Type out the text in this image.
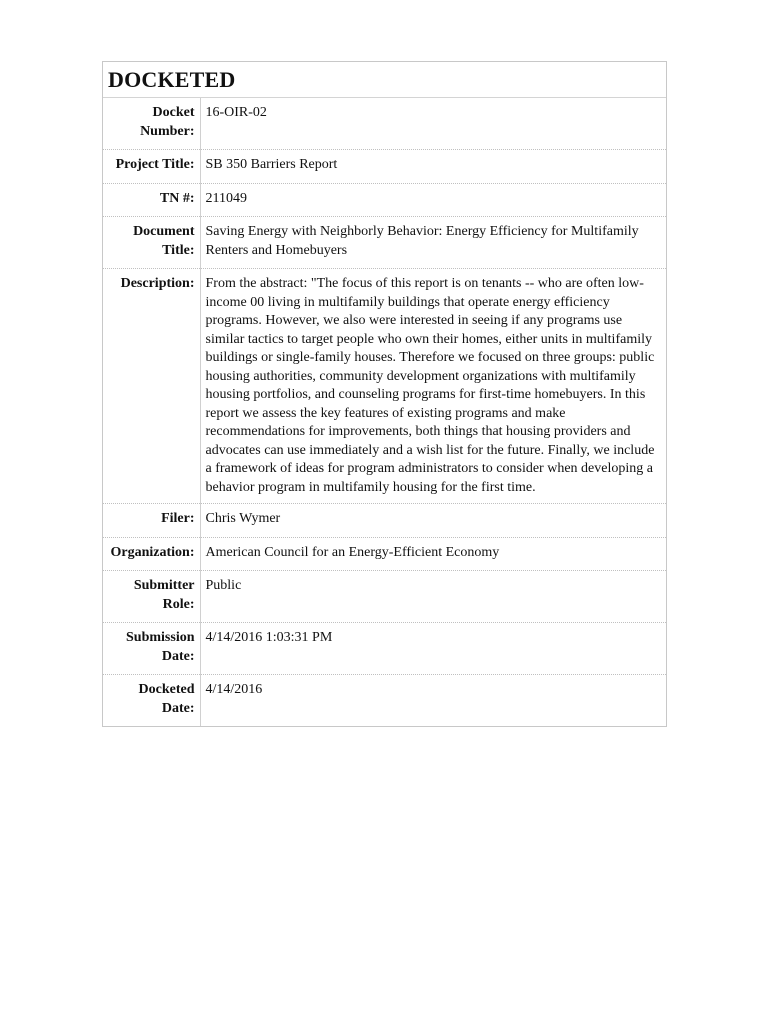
DOCKETED
Docket Number:	16-OIR-02
Project Title:	SB 350 Barriers Report
TN #:	211049
Document Title:	Saving Energy with Neighborly Behavior: Energy Efficiency for Multifamily Renters and Homebuyers
Description:	From the abstract: "The focus of this report is on tenants -- who are often low-income 00 living in multifamily buildings that operate energy efficiency programs. However, we also were interested in seeing if any programs use similar tactics to target people who own their homes, either units in multifamily buildings or single-family houses. Therefore we focused on three groups: public housing authorities, community development organizations with multifamily housing portfolios, and counseling programs for first-time homebuyers. In this report we assess the key features of existing programs and make recommendations for improvements, both things that housing providers and advocates can use immediately and a wish list for the future. Finally, we include a framework of ideas for program administrators to consider when developing a behavior program in multifamily housing for the first time.
Filer:	Chris Wymer
Organization:	American Council for an Energy-Efficient Economy
Submitter Role:	Public
Submission Date:	4/14/2016 1:03:31 PM
Docketed Date:	4/14/2016
